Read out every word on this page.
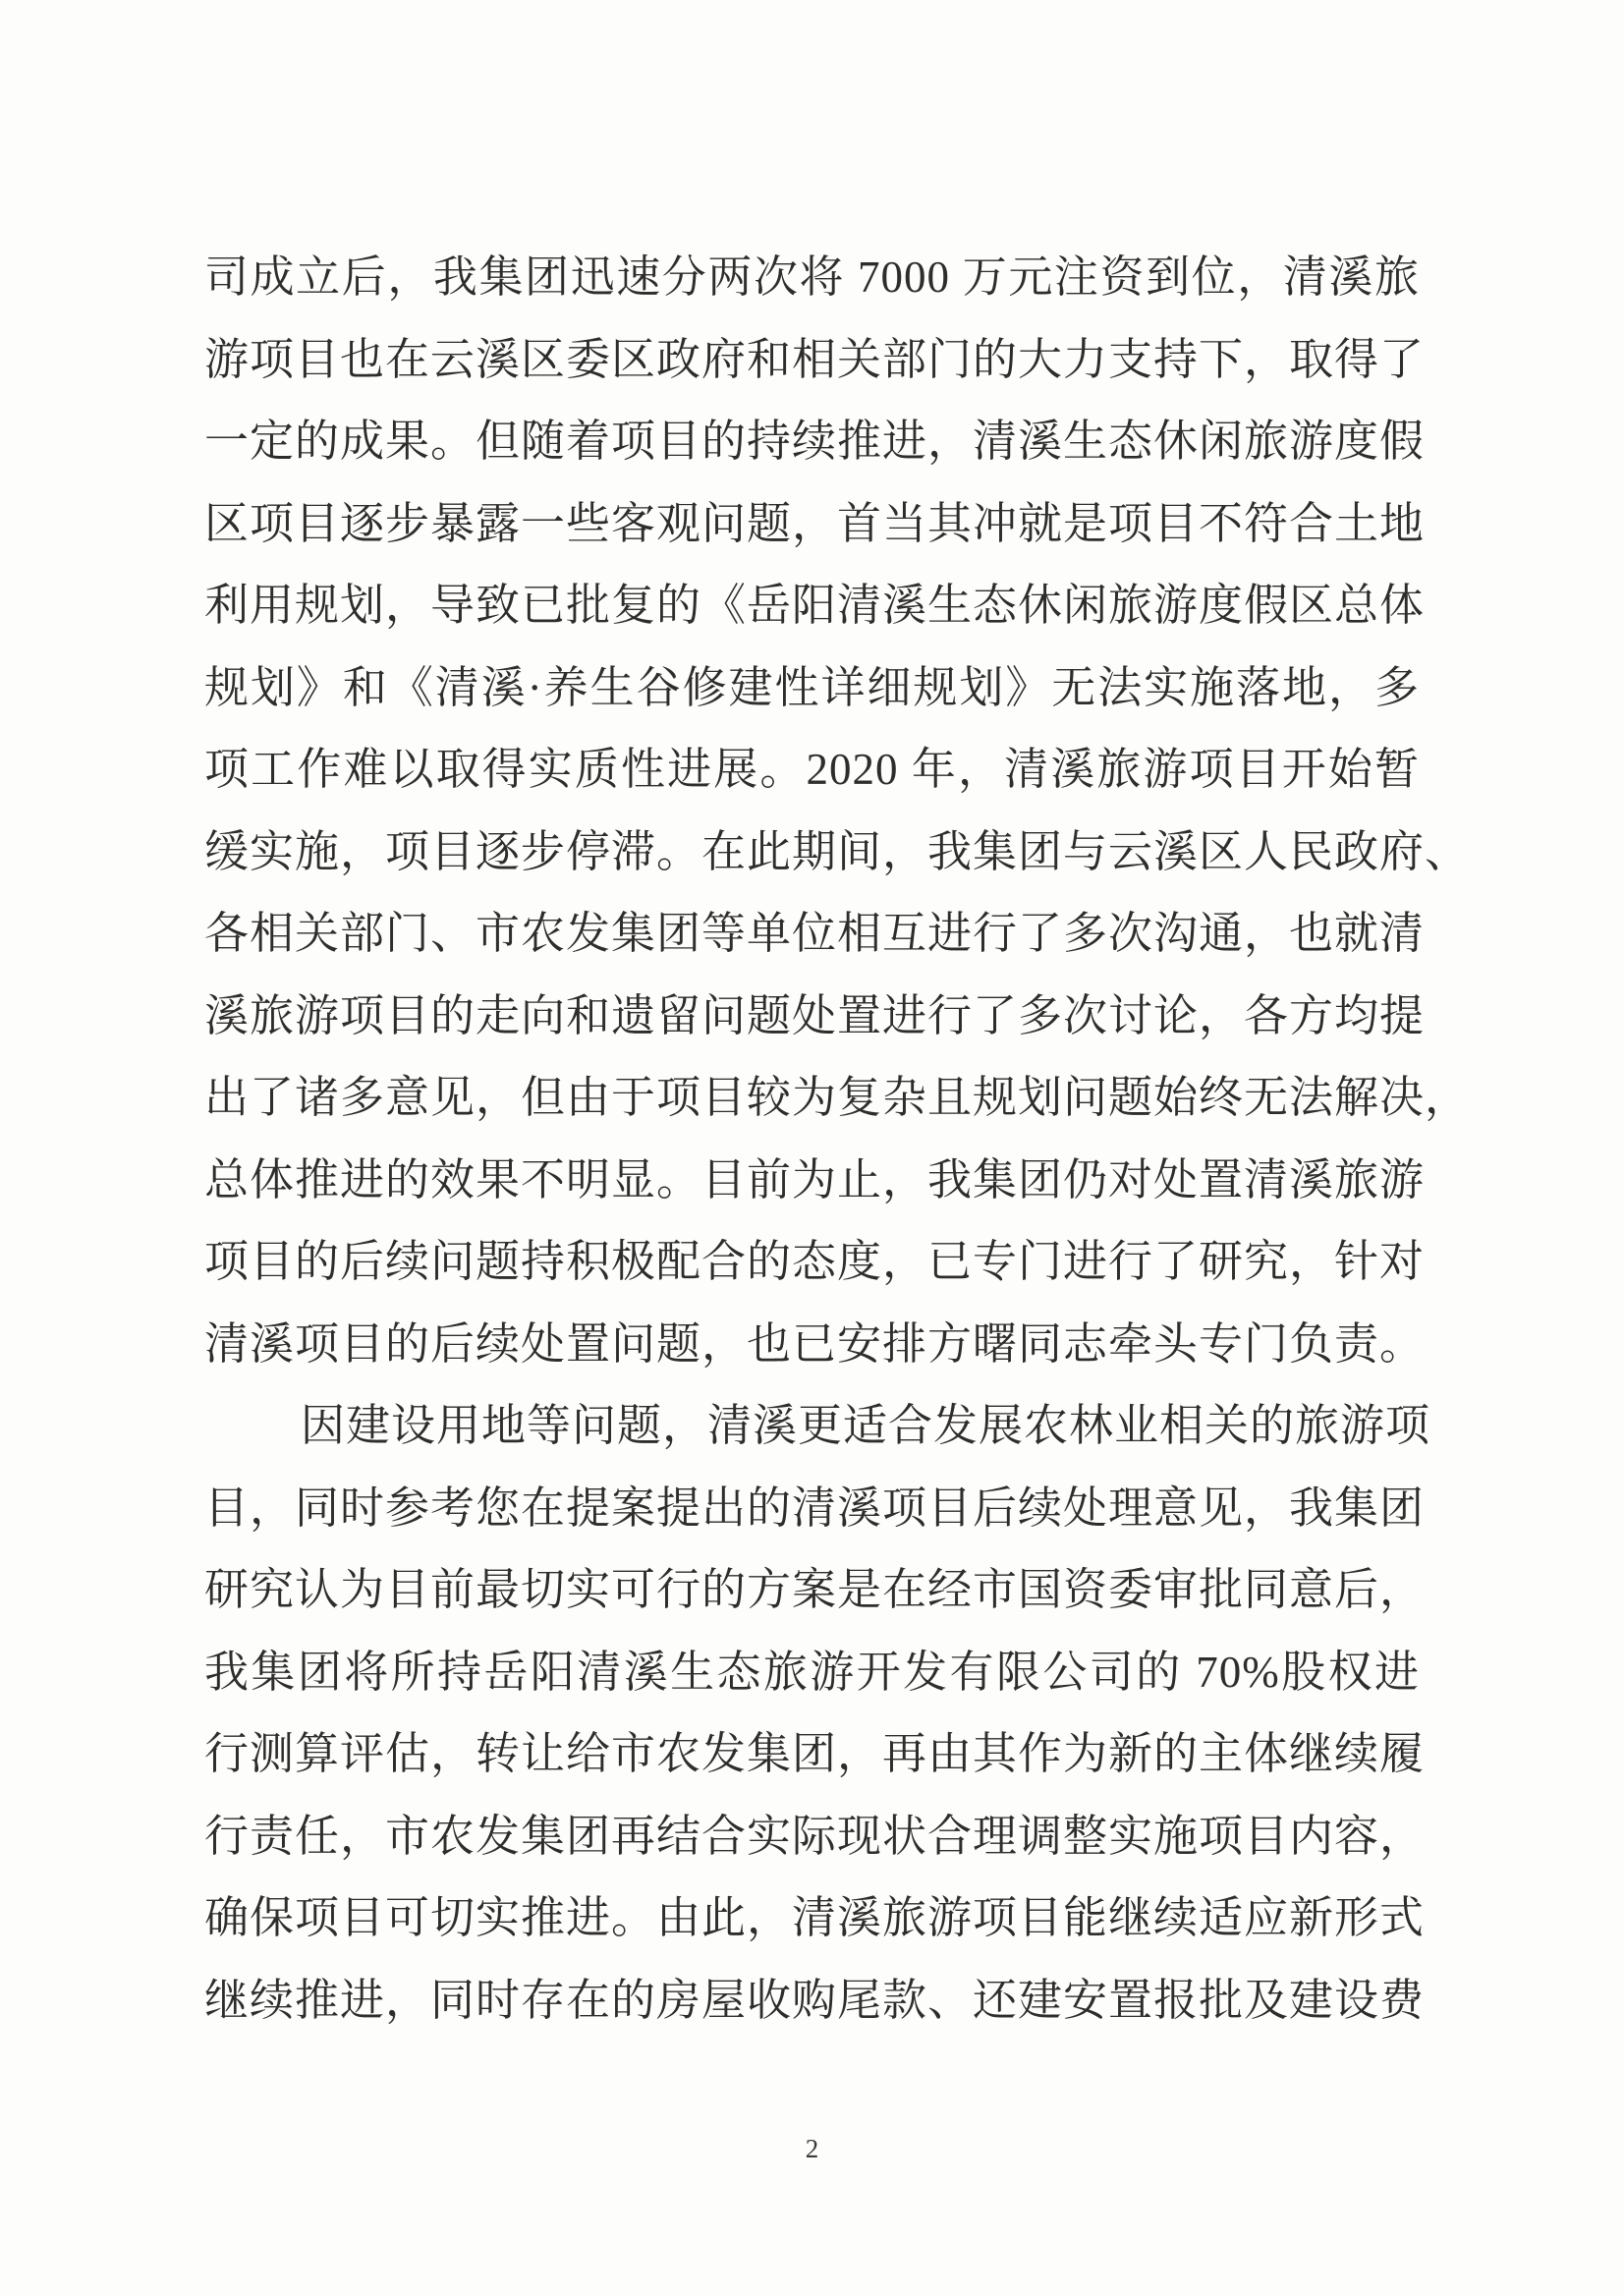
司成立后，我集团迅速分两次将 7000 万元注资到位，清溪旅
游项目也在云溪区委区政府和相关部门的大力支持下，取得了
一定的成果。但随着项目的持续推进，清溪生态休闲旅游度假
区项目逐步暴露一些客观问题，首当其冲就是项目不符合土地
利用规划，导致已批复的《岳阳清溪生态休闲旅游度假区总体
规划》和《清溪·养生谷修建性详细规划》无法实施落地，多
项工作难以取得实质性进展。2020 年，清溪旅游项目开始暂
缓实施，项目逐步停滞。在此期间，我集团与云溪区人民政府、
各相关部门、市农发集团等单位相互进行了多次沟通，也就清
溪旅游项目的走向和遗留问题处置进行了多次讨论，各方均提
出了诸多意见，但由于项目较为复杂且规划问题始终无法解决，
总体推进的效果不明显。目前为止，我集团仍对处置清溪旅游
项目的后续问题持积极配合的态度，已专门进行了研究，针对
清溪项目的后续处置问题，也已安排方曙同志牵头专门负责。
因建设用地等问题，清溪更适合发展农林业相关的旅游项
目，同时参考您在提案提出的清溪项目后续处理意见，我集团
研究认为目前最切实可行的方案是在经市国资委审批同意后，
我集团将所持岳阳清溪生态旅游开发有限公司的 70%股权进
行测算评估，转让给市农发集团，再由其作为新的主体继续履
行责任，市农发集团再结合实际现状合理调整实施项目内容，
确保项目可切实推进。由此，清溪旅游项目能继续适应新形式
继续推进，同时存在的房屋收购尾款、还建安置报批及建设费
2
